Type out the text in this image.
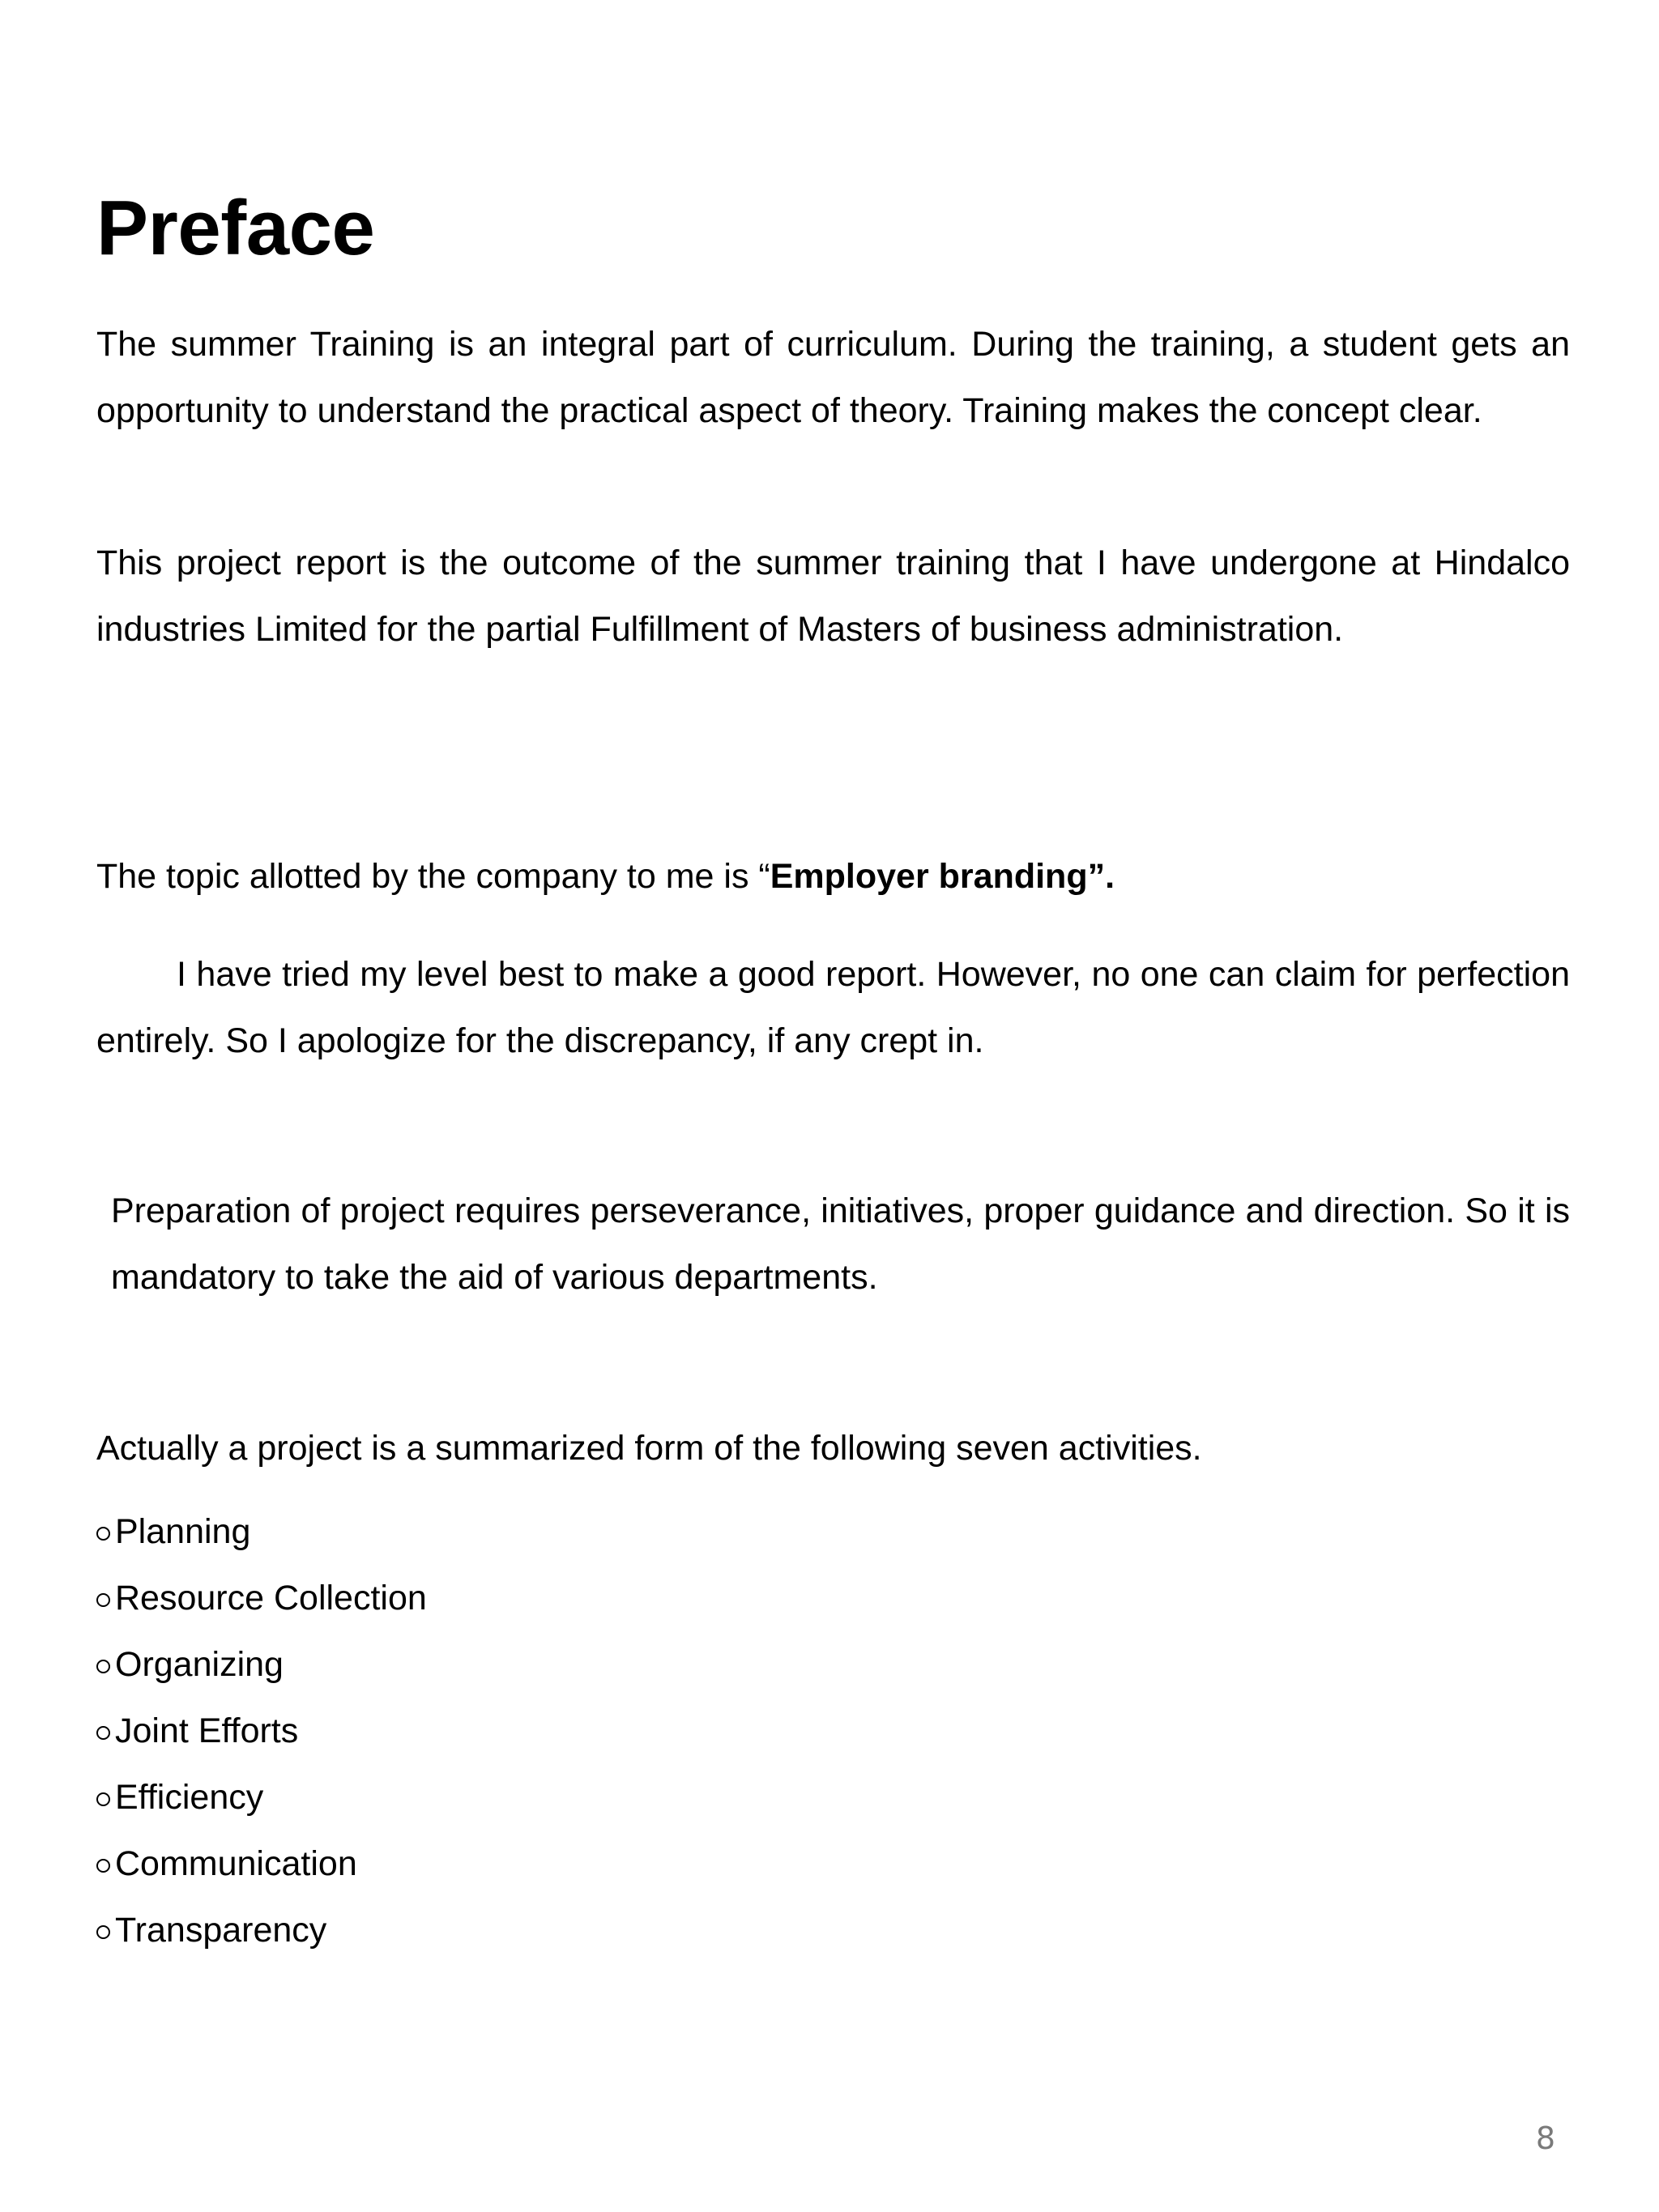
Preface

The summer Training is an integral part of curriculum. During the training, a student gets an opportunity to understand the practical aspect of theory. Training makes the concept clear.

This project report is the outcome of the summer training that I have undergone at Hindalco industries Limited for the partial Fulfillment of Masters of business administration.

The topic allotted by the company to me is “Employer branding”.

I have tried my level best to make a good report. However, no one can claim for perfection entirely. So I apologize for the discrepancy, if any crept in.

Preparation of project requires perseverance, initiatives, proper guidance and direction. So it is mandatory to take the aid of various departments.

Actually a project is a summarized form of the following seven activities.

Planning
Resource Collection
Organizing
Joint Efforts
Efficiency
Communication
Transparency
8
